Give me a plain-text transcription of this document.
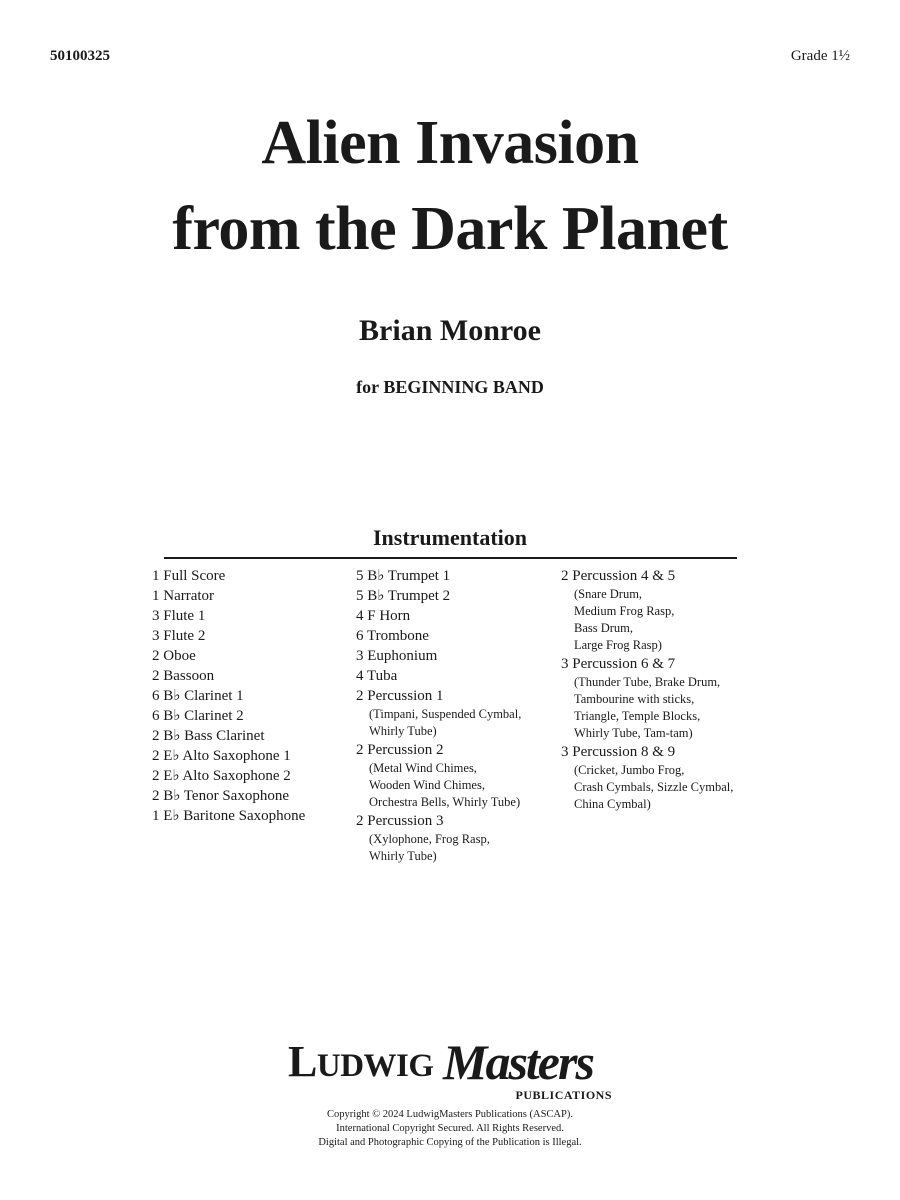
50100325	Grade 1½
Alien Invasion
from the Dark Planet
Brian Monroe
for BEGINNING BAND
Instrumentation
1 Full Score
1 Narrator
3 Flute 1
3 Flute 2
2 Oboe
2 Bassoon
6 B♭ Clarinet 1
6 B♭ Clarinet 2
2 B♭ Bass Clarinet
2 E♭ Alto Saxophone 1
2 E♭ Alto Saxophone 2
2 B♭ Tenor Saxophone
1 E♭ Baritone Saxophone
5 B♭ Trumpet 1
5 B♭ Trumpet 2
4 F Horn
6 Trombone
3 Euphonium
4 Tuba
2 Percussion 1
(Timpani, Suspended Cymbal,
Whirly Tube)
2 Percussion 2
(Metal Wind Chimes,
Wooden Wind Chimes,
Orchestra Bells, Whirly Tube)
2 Percussion 3
(Xylophone, Frog Rasp,
Whirly Tube)
2 Percussion 4 & 5
(Snare Drum,
Medium Frog Rasp,
Bass Drum,
Large Frog Rasp)
3 Percussion 6 & 7
(Thunder Tube, Brake Drum,
Tambourine with sticks,
Triangle, Temple Blocks,
Whirly Tube, Tam-tam)
3 Percussion 8 & 9
(Cricket, Jumbo Frog,
Crash Cymbals, Sizzle Cymbal,
China Cymbal)
LUDWIG Masters
PUBLICATIONS
Copyright © 2024 LudwigMasters Publications (ASCAP).
International Copyright Secured. All Rights Reserved.
Digital and Photographic Copying of the Publication is Illegal.
